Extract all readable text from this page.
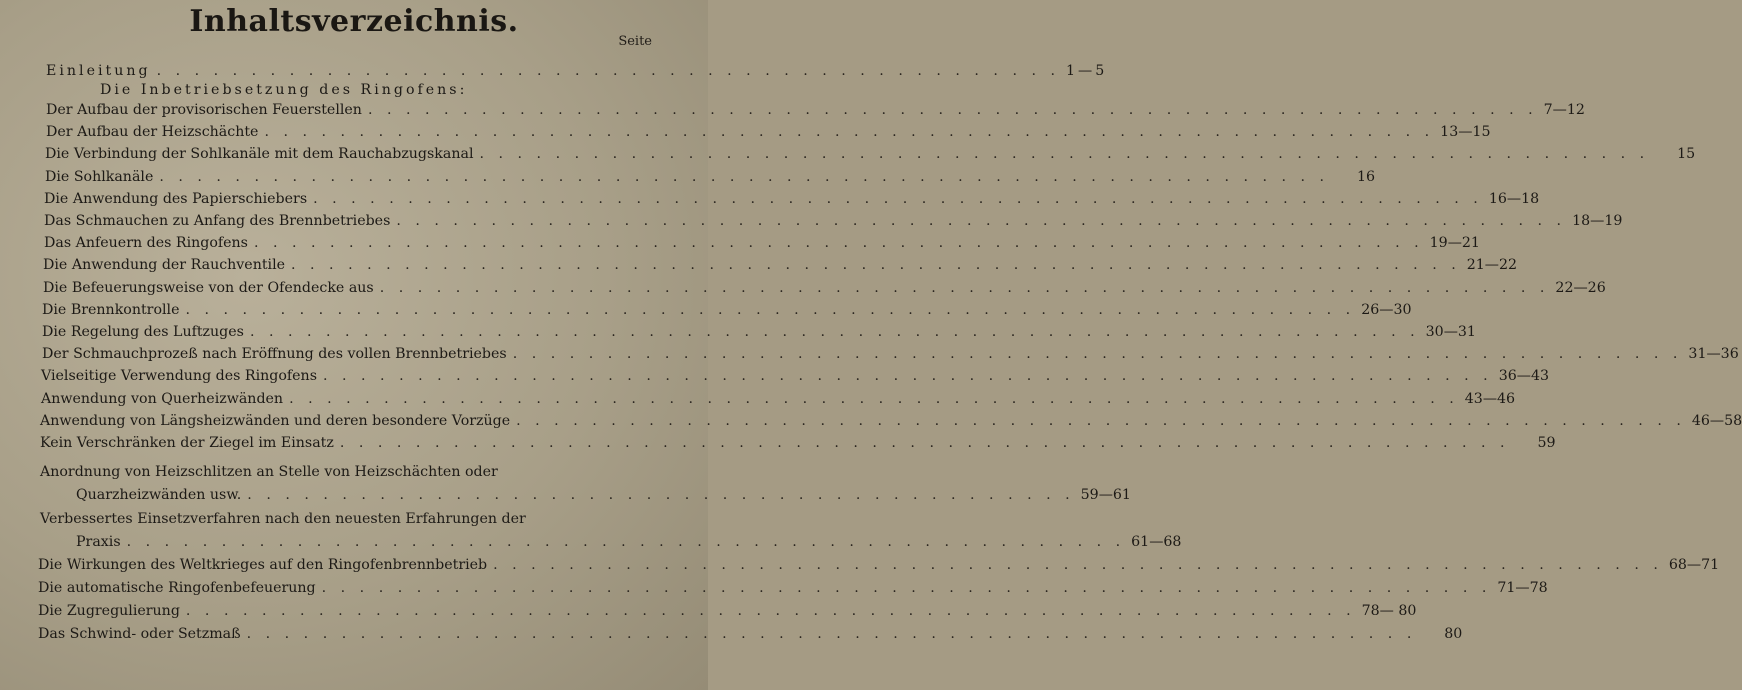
Inhaltsverzeichnis.
Seite
Einleitung . . . . . . . . . . . . . . . . . . . . . . . . . . . . . . . . . . . . . . . . . . . . . . . . 1—5
Die Inbetriebsetzung des Ringofens:
Der Aufbau der provisorischen Feuerstellen . . . . . . . . . . . . . . . . . . . . . . . . . . . . . . . . . . . . . . . . . . . . . . . . . . . . . . . . . . . . . . 7—12
Der Aufbau der Heizschächte . . . . . . . . . . . . . . . . . . . . . . . . . . . . . . . . . . . . . . . . . . . . . . . . . . . . . . . . . . . . . . 13—15
Die Verbindung der Sohlkanäle mit dem Rauchabzugskanal . . . . . . . . . . . . . . . . . . . . . . . . . . . . . . . . . . . . . . . . . . . . . . . . . . . . . . . . . . . . . .	15
Die Sohlkanäle . . . . . . . . . . . . . . . . . . . . . . . . . . . . . . . . . . . . . . . . . . . . . . . . . . . . . . . . . . . . . .	16
Die Anwendung des Papierschiebers . . . . . . . . . . . . . . . . . . . . . . . . . . . . . . . . . . . . . . . . . . . . . . . . . . . . . . . . . . . . . . 16—18
Das Schmauchen zu Anfang des Brennbetriebes . . . . . . . . . . . . . . . . . . . . . . . . . . . . . . . . . . . . . . . . . . . . . . . . . . . . . . . . . . . . . . 18—19
Das Anfeuern des Ringofens . . . . . . . . . . . . . . . . . . . . . . . . . . . . . . . . . . . . . . . . . . . . . . . . . . . . . . . . . . . . . . 19—21
Die Anwendung der Rauchventile . . . . . . . . . . . . . . . . . . . . . . . . . . . . . . . . . . . . . . . . . . . . . . . . . . . . . . . . . . . . . . 21—22
Die Befeuerungsweise von der Ofendecke aus . . . . . . . . . . . . . . . . . . . . . . . . . . . . . . . . . . . . . . . . . . . . . . . . . . . . . . . . . . . . . . 22—26
Die Brennkontrolle . . . . . . . . . . . . . . . . . . . . . . . . . . . . . . . . . . . . . . . . . . . . . . . . . . . . . . . . . . . . . . 26—30
Die Regelung des Luftzuges . . . . . . . . . . . . . . . . . . . . . . . . . . . . . . . . . . . . . . . . . . . . . . . . . . . . . . . . . . . . . . 30—31
Der Schmauchprozeß nach Eröffnung des vollen Brennbetriebes . . . . . . . . . . . . . . . . . . . . . . . . . . . . . . . . . . . . . . . . . . . . . . . . . . . . . . . . . . . . . . 31—36
Vielseitige Verwendung des Ringofens . . . . . . . . . . . . . . . . . . . . . . . . . . . . . . . . . . . . . . . . . . . . . . . . . . . . . . . . . . . . . . 36—43
Anwendung von Querheizwänden . . . . . . . . . . . . . . . . . . . . . . . . . . . . . . . . . . . . . . . . . . . . . . . . . . . . . . . . . . . . . . 43—46
Anwendung von Längsheizwänden und deren besondere Vorzüge . . . . . . . . . . . . . . . . . . . . . . . . . . . . . . . . . . . . . . . . . . . . . . . . . . . . . . . . . . . . . . 46—58
Kein Verschränken der Ziegel im Einsatz . . . . . . . . . . . . . . . . . . . . . . . . . . . . . . . . . . . . . . . . . . . . . . . . . . . . . . . . . . . . . .	59
Anordnung von Heizschlitzen an Stelle von Heizschächten oder
Quarzheizwänden usw. . . . . . . . . . . . . . . . . . . . . . . . . . . . . . . . . . . . . . . . . . . . . 59—61
Verbessertes Einsetzverfahren nach den neuesten Erfahrungen der
Praxis . . . . . . . . . . . . . . . . . . . . . . . . . . . . . . . . . . . . . . . . . . . . . . . . . . . . . 61—68
Die Wirkungen des Weltkrieges auf den Ringofenbrennbetrieb . . . . . . . . . . . . . . . . . . . . . . . . . . . . . . . . . . . . . . . . . . . . . . . . . . . . . . . . . . . . . . 68—71
Die automatische Ringofenbefeuerung . . . . . . . . . . . . . . . . . . . . . . . . . . . . . . . . . . . . . . . . . . . . . . . . . . . . . . . . . . . . . . 71—78
Die Zugregulierung . . . . . . . . . . . . . . . . . . . . . . . . . . . . . . . . . . . . . . . . . . . . . . . . . . . . . . . . . . . . . . 78— 80
Das Schwind- oder Setzmaß . . . . . . . . . . . . . . . . . . . . . . . . . . . . . . . . . . . . . . . . . . . . . . . . . . . . . . . . . . . . . .	80
